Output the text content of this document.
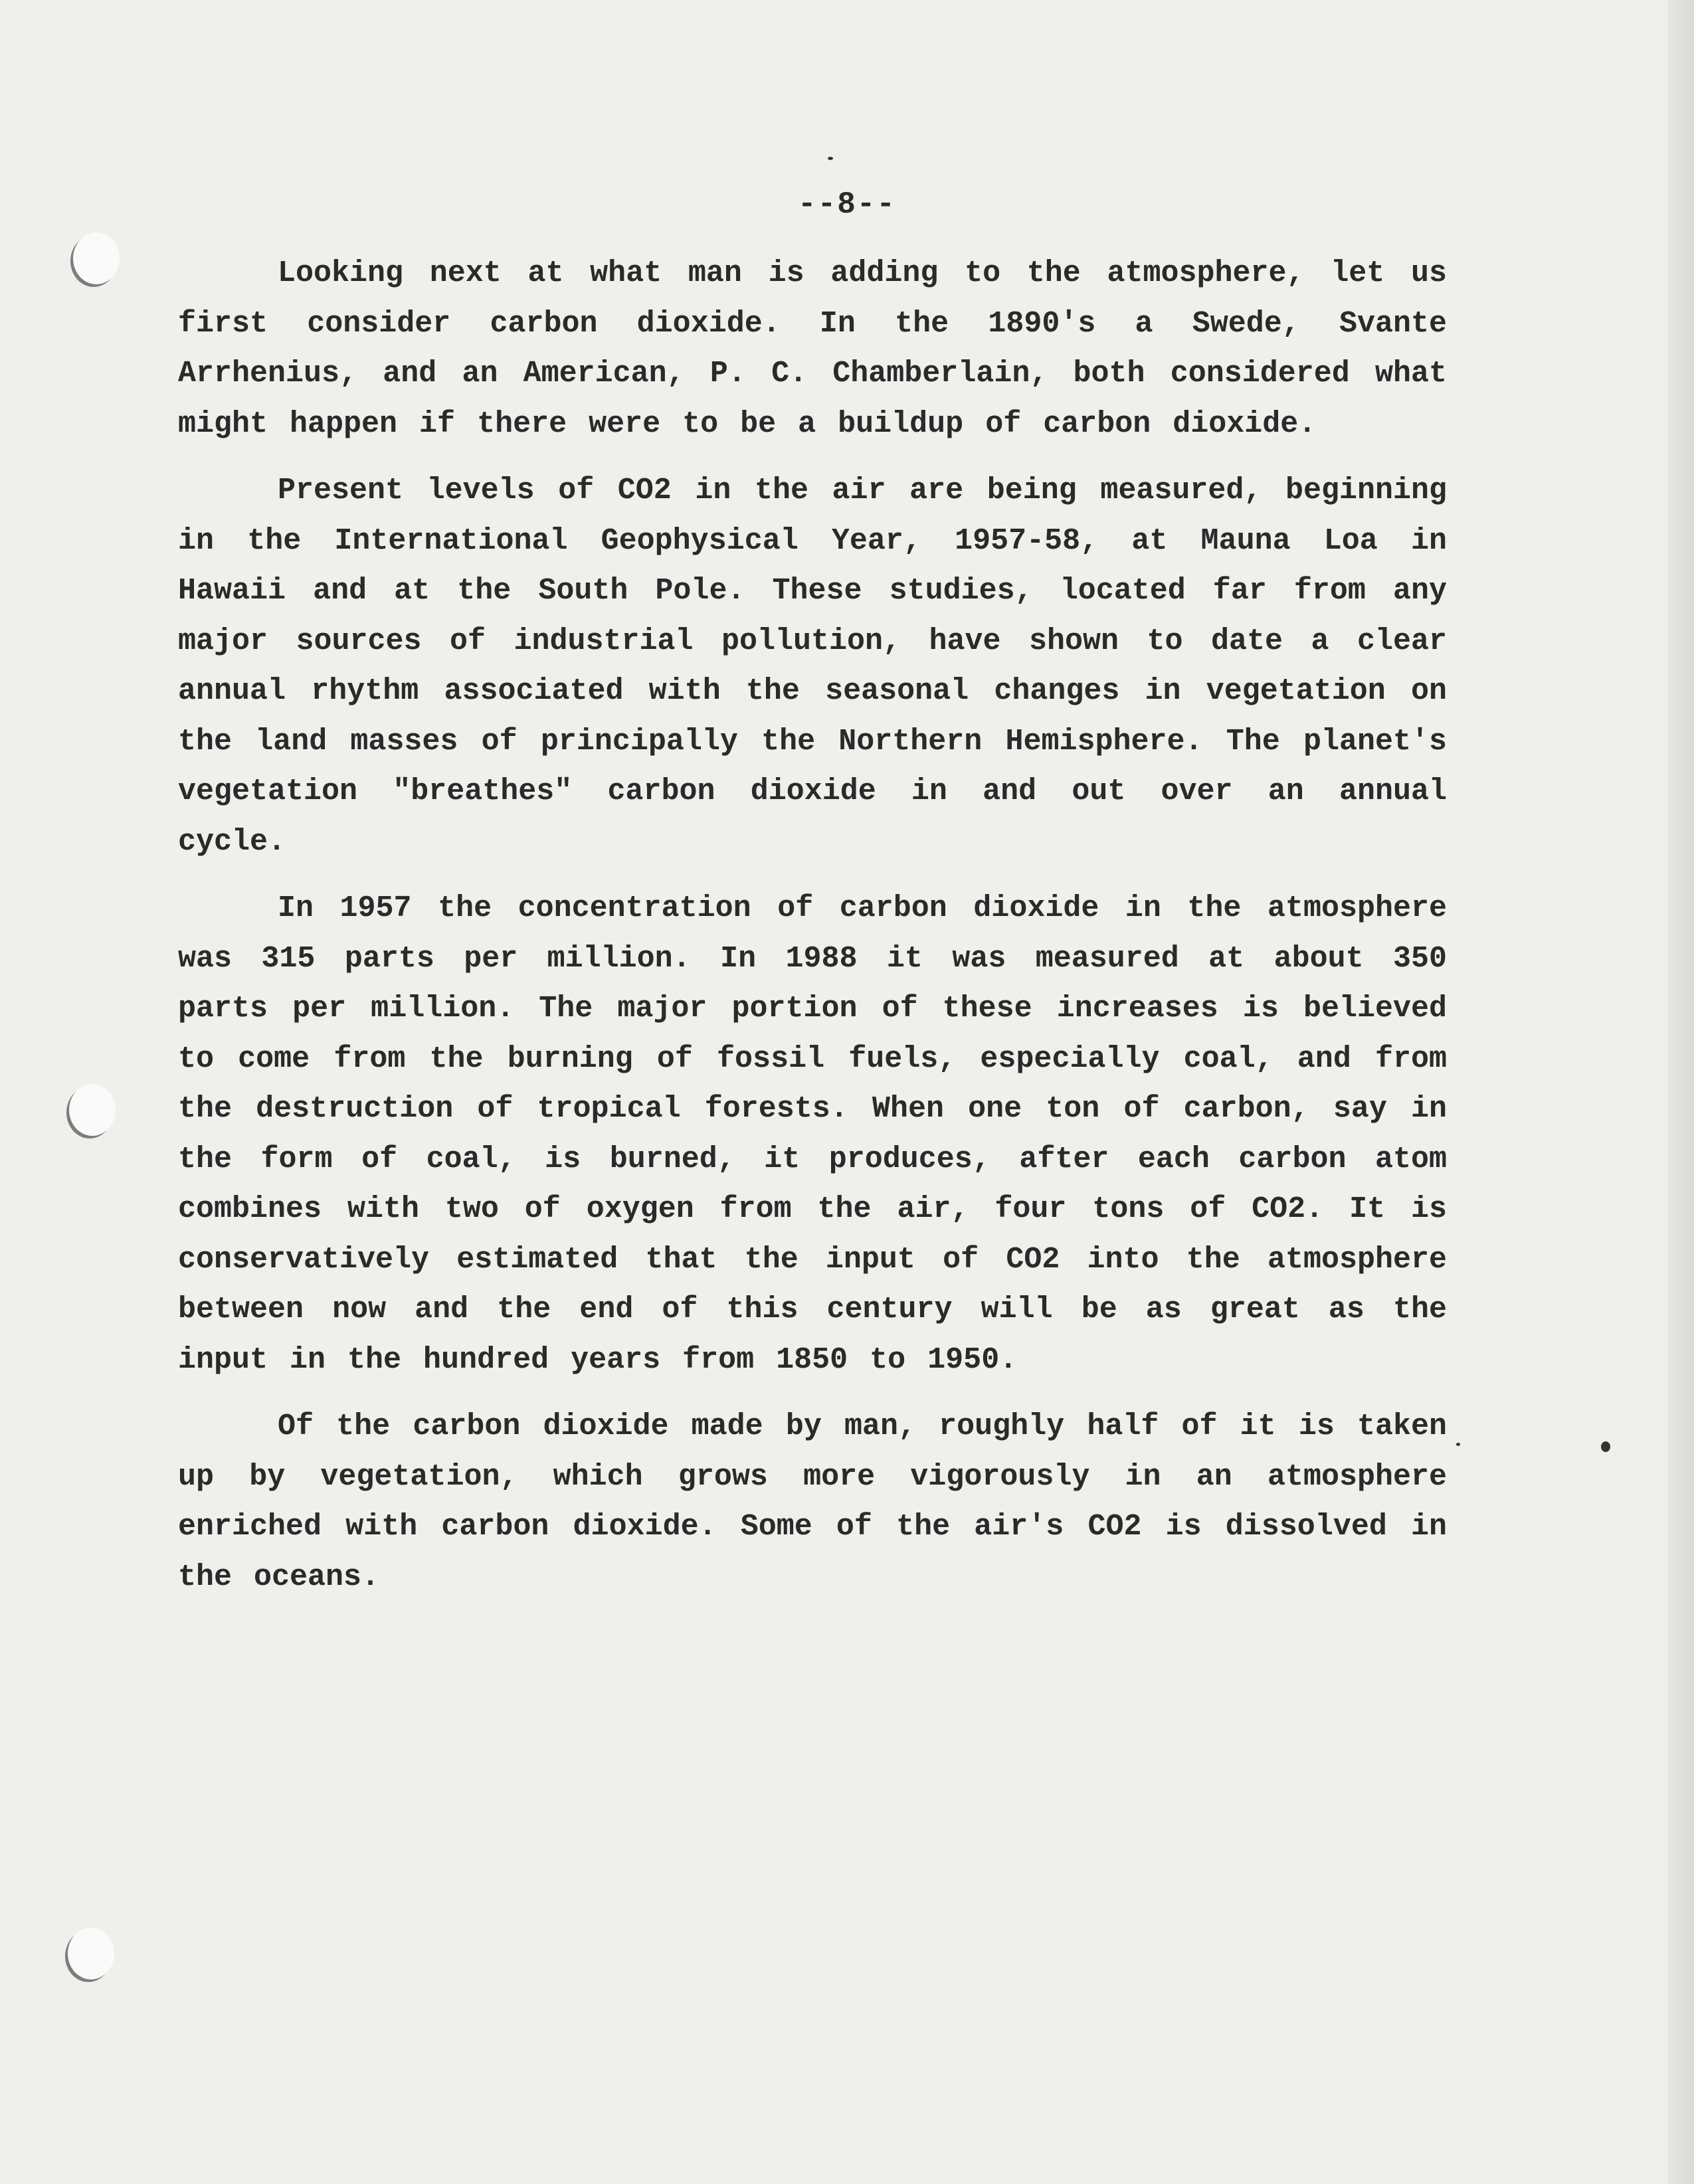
--8--

Looking next at what man is adding to the atmosphere, let us first consider carbon dioxide. In the 1890's a Swede, Svante Arrhenius, and an American, P. C. Chamberlain, both considered what might happen if there were to be a buildup of carbon dioxide.

Present levels of CO2 in the air are being measured, beginning in the International Geophysical Year, 1957-58, at Mauna Loa in Hawaii and at the South Pole. These studies, located far from any major sources of industrial pollution, have shown to date a clear annual rhythm associated with the seasonal changes in vegetation on the land masses of principally the Northern Hemisphere. The planet's vegetation "breathes" carbon dioxide in and out over an annual cycle.

In 1957 the concentration of carbon dioxide in the atmosphere was 315 parts per million. In 1988 it was measured at about 350 parts per million. The major portion of these increases is believed to come from the burning of fossil fuels, especially coal, and from the destruction of tropical forests. When one ton of carbon, say in the form of coal, is burned, it produces, after each carbon atom combines with two of oxygen from the air, four tons of CO2. It is conservatively estimated that the input of CO2 into the atmosphere between now and the end of this century will be as great as the input in the hundred years from 1850 to 1950.

Of the carbon dioxide made by man, roughly half of it is taken up by vegetation, which grows more vigorously in an atmosphere enriched with carbon dioxide. Some of the air's CO2 is dissolved in the oceans.
